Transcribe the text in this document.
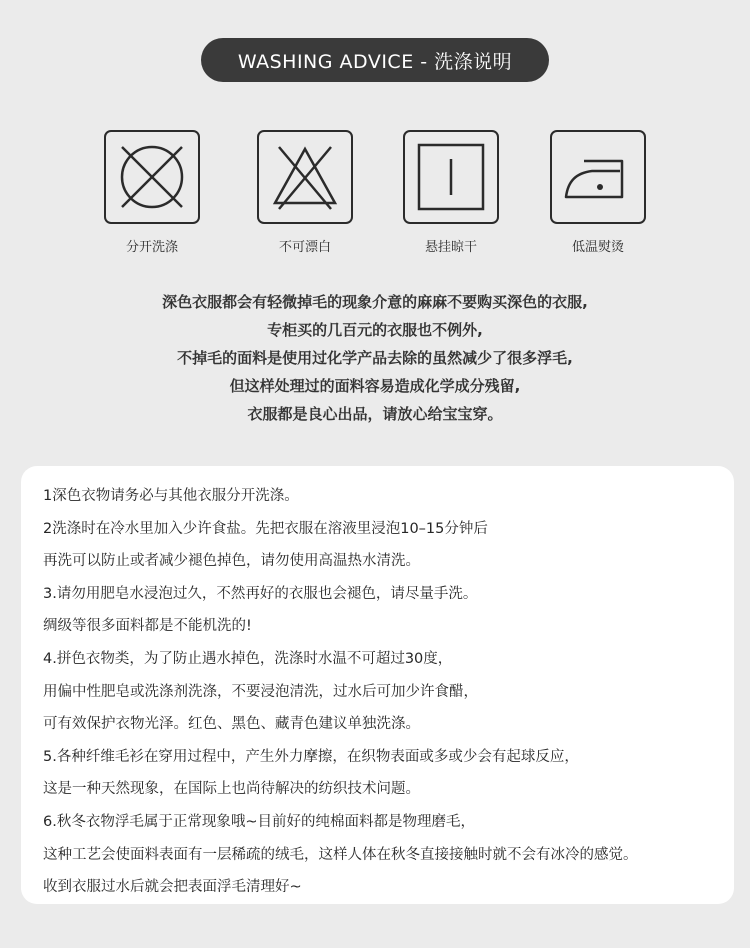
WASHING ADVICE - 洗涤说明
分开洗涤	不可漂白	悬挂晾干	低温熨烫
深色衣服都会有轻微掉毛的现象介意的麻麻不要购买深色的衣服,
专柜买的几百元的衣服也不例外,
不掉毛的面料是使用过化学产品去除的虽然减少了很多浮毛,
但这样处理过的面料容易造成化学成分残留,
衣服都是良心出品，请放心给宝宝穿。
1深色衣物请务必与其他衣服分开洗涤。
2洗涤时在冷水里加入少许食盐。先把衣服在溶液里浸泡10–15分钟后
再洗可以防止或者减少褪色掉色，请勿使用高温热水清洗。
3.请勿用肥皂水浸泡过久，不然再好的衣服也会褪色，请尽量手洗。
绸级等很多面料都是不能机洗的!
4.拼色衣物类，为了防止遇水掉色，洗涤时水温不可超过30度，
用偏中性肥皂或洗涤剂洗涤，不要浸泡清洗，过水后可加少许食醋，
可有效保护衣物光泽。红色、黑色、藏青色建议单独洗涤。
5.各种纤维毛衫在穿用过程中，产生外力摩擦，在织物表面或多或少会有起球反应，
这是一种天然现象，在国际上也尚待解决的纺织技术问题。
6.秋冬衣物浮毛属于正常现象哦~目前好的纯棉面料都是物理磨毛，
这种工艺会使面料表面有一层稀疏的绒毛，这样人体在秋冬直接接触时就不会有冰冷的感觉。
收到衣服过水后就会把表面浮毛清理好~
